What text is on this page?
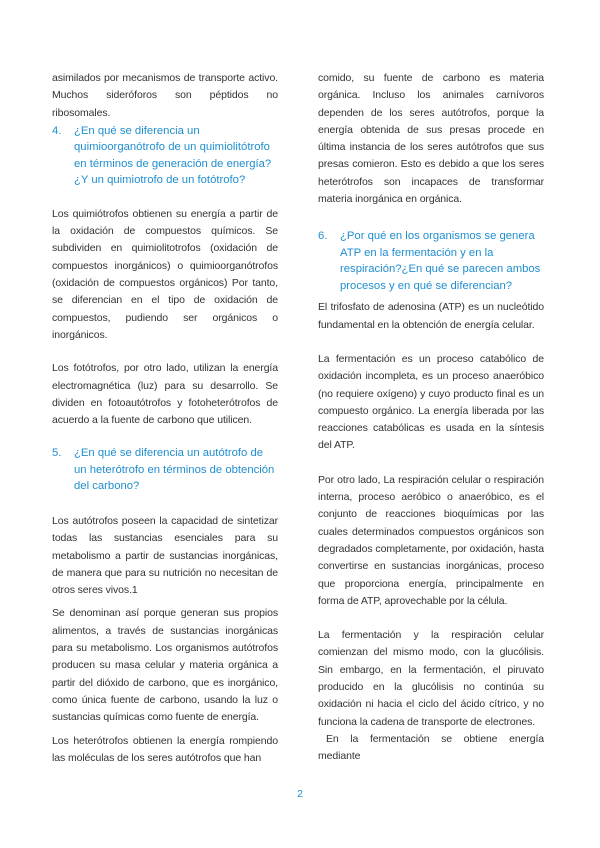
asimilados por mecanismos de transporte activo. Muchos sideróforos son péptidos no ribosomales.

4.	¿En qué se diferencia un quimioorganótrofo de un quimiolitótrofo en términos de generación de energía? ¿Y un quimiotrofo de un fotótrofo?

Los quimiótrofos obtienen su energía a partir de la oxidación de compuestos químicos. Se subdividen en quimiolitotrofos (oxidación de compuestos inorgánicos) o quimioorganótrofos (oxidación de compuestos orgánicos) Por tanto, se diferencian en el tipo de oxidación de compuestos, pudiendo ser orgánicos o inorgánicos.

Los fotótrofos, por otro lado, utilizan la energía electromagnética (luz) para su desarrollo. Se dividen en fotoautótrofos y fotoheterótrofos de acuerdo a la fuente de carbono que utilicen.

5.	¿En qué se diferencia un autótrofo de un heterótrofo en términos de obtención del carbono?

Los autótrofos poseen la capacidad de sintetizar todas las sustancias esenciales para su metabolismo a partir de sustancias inorgánicas, de manera que para su nutrición no necesitan de otros seres vivos.1

Se denominan así porque generan sus propios alimentos, a través de sustancias inorgánicas para su metabolismo. Los organismos autótrofos producen su masa celular y materia orgánica a partir del dióxido de carbono, que es inorgánico, como única fuente de carbono, usando la luz o sustancias químicas como fuente de energía.

Los heterótrofos obtienen la energía rompiendo las moléculas de los seres autótrofos que han

comido, su fuente de carbono es materia orgánica. Incluso los animales carnívoros dependen de los seres autótrofos, porque la energía obtenida de sus presas procede en última instancia de los seres autótrofos que sus presas comieron. Esto es debido a que los seres heterótrofos son incapaces de transformar materia inorgánica en orgánica.

6.	¿Por qué en los organismos se genera ATP en la fermentación y en la respiración?¿En qué se parecen ambos procesos y en qué se diferencian?

El trifosfato de adenosina (ATP) es un nucleótido fundamental en la obtención de energía celular.

La fermentación es un proceso catabólico de oxidación incompleta, es un proceso anaeróbico (no requiere oxígeno) y cuyo producto final es un compuesto orgánico. La energía liberada por las reacciones catabólicas es usada en la síntesis del ATP.

Por otro lado, La respiración celular o respiración interna, proceso aeróbico o anaeróbico, es el conjunto de reacciones bioquímicas por las cuales determinados compuestos orgánicos son degradados completamente, por oxidación, hasta convertirse en sustancias inorgánicas, proceso que proporciona energía, principalmente en forma de ATP, aprovechable por la célula.

La fermentación y la respiración celular comienzan del mismo modo, con la glucólisis. Sin embargo, en la fermentación, el piruvato producido en la glucólisis no continúa su oxidación ni hacia el ciclo del ácido cítrico, y no funciona la cadena de transporte de electrones.

En la fermentación se obtiene energía mediante

2
